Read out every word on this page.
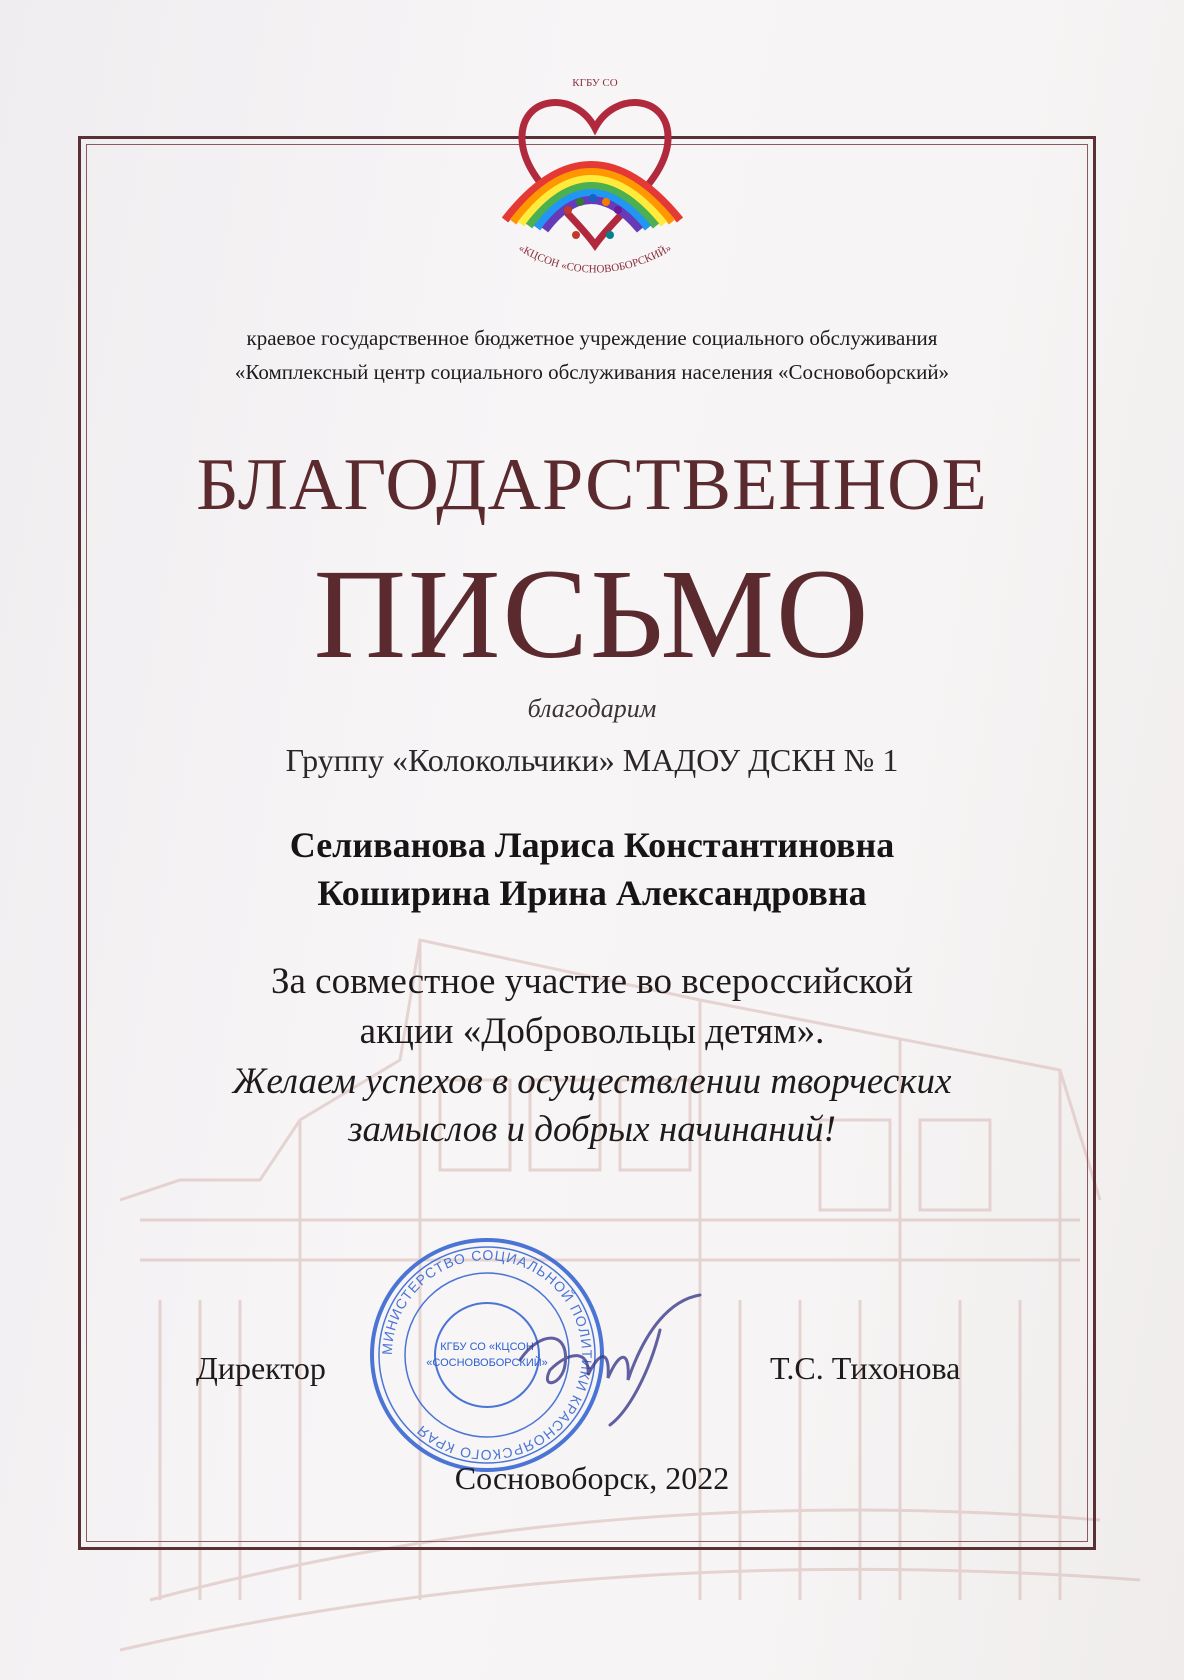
КГБУ СО
«КЦСОН «СОСНОВОБОРСКИЙ»
краевое государственное бюджетное учреждение социального обслуживания
«Комплексный центр социального обслуживания населения «Сосновоборский»
БЛАГОДАРСТВЕННОЕ
ПИСЬМО
благодарим
Группу «Колокольчики» МАДОУ ДСКН № 1
Селиванова Лариса Константиновна
Коширина Ирина Александровна
За совместное участие во всероссийской
акции «Добровольцы детям».
Желаем успехов в осуществлении творческих
замыслов и добрых начинаний!
МИНИСТЕРСТВО СОЦИАЛЬНОЙ ПОЛИТИКИ КРАСНОЯРСКОГО КРАЯ
КГБУ СО «КЦСОН
«СОСНОВОБОРСКИЙ»
Директор	Т.С. Тихонова
Сосновоборск, 2022
